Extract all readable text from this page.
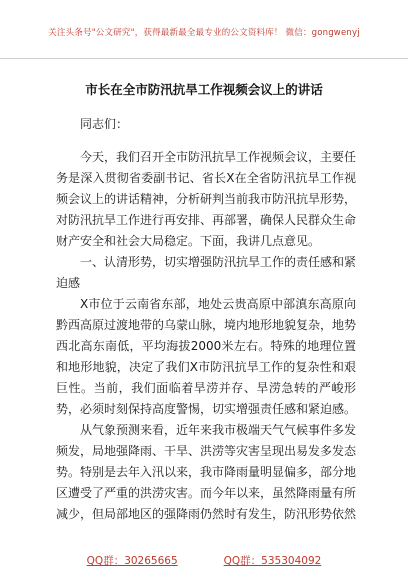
关注头条号"公文研究"，获得最新最全最专业的公文资料库！ 微信：gongwenyj
市长在全市防汛抗旱工作视频会议上的讲话

同志们：

今天，我们召开全市防汛抗旱工作视频会议，主要任务是深入贯彻省委副书记、省长X在全省防汛抗旱工作视频会议上的讲话精神，分析研判当前我市防汛抗旱形势，对防汛抗旱工作进行再安排、再部署，确保人民群众生命财产安全和社会大局稳定。下面，我讲几点意见。

一、认清形势，切实增强防汛抗旱工作的责任感和紧迫感

X市位于云南省东部，地处云贵高原中部滇东高原向黔西高原过渡地带的乌蒙山脉，境内地形地貌复杂，地势西北高东南低，平均海拔2000米左右。特殊的地理位置和地形地貌，决定了我们X市防汛抗旱工作的复杂性和艰巨性。当前，我们面临着旱涝并存、旱涝急转的严峻形势，必须时刻保持高度警惕，切实增强责任感和紧迫感。

从气象预测来看，近年来我市极端天气气候事件多发频发，局地强降雨、干旱、洪涝等灾害呈现出易发多发态势。特别是去年入汛以来，我市降雨量明显偏多，部分地区遭受了严重的洪涝灾害。而今年以来，虽然降雨量有所减少，但局部地区的强降雨仍然时有发生，防汛形势依然

QQ群：30265665	QQ群：535304092
